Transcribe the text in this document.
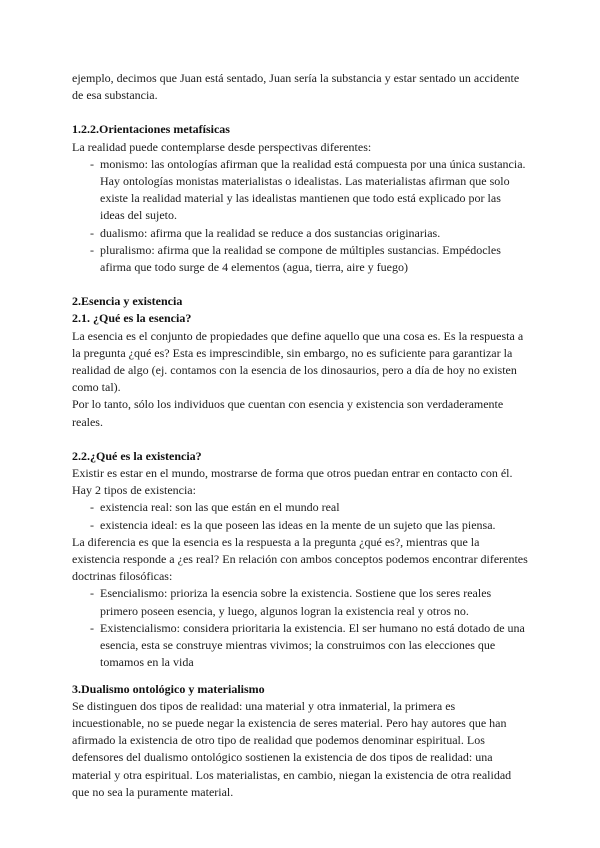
ejemplo, decimos que Juan está sentado, Juan sería la substancia y estar sentado un accidente de esa substancia.

1.2.2.Orientaciones metafísicas

La realidad puede contemplarse desde perspectivas diferentes:

- monismo: las ontologías afirman que la realidad está compuesta por una única sustancia. Hay ontologías monistas materialistas o idealistas. Las materialistas afirman que solo existe la realidad material y las idealistas mantienen que todo está explicado por las ideas del sujeto.
- dualismo: afirma que la realidad se reduce a dos sustancias originarias.
- pluralismo: afirma que la realidad se compone de múltiples sustancias. Empédocles afirma que todo surge de 4 elementos (agua, tierra, aire y fuego)
2.Esencia y existencia
2.1. ¿Qué es la esencia?

La esencia es el conjunto de propiedades que define aquello que una cosa es. Es la respuesta a la pregunta ¿qué es? Esta es imprescindible, sin embargo, no es suficiente para garantizar la realidad de algo (ej. contamos con la esencia de los dinosaurios, pero a día de hoy no existen como tal).

Por lo tanto, sólo los individuos que cuentan con esencia y existencia son verdaderamente reales.

2.2.¿Qué es la existencia?

Existir es estar en el mundo, mostrarse de forma que otros puedan entrar en contacto con él. Hay 2 tipos de existencia:

- existencia real: son las que están en el mundo real
- existencia ideal: es la que poseen las ideas en la mente de un sujeto que las piensa.

La diferencia es que la esencia es la respuesta a la pregunta ¿qué es?, mientras que la existencia responde a ¿es real? En relación con ambos conceptos podemos encontrar diferentes doctrinas filosóficas:

- Esencialismo: prioriza la esencia sobre la existencia. Sostiene que los seres reales primero poseen esencia, y luego, algunos logran la existencia real y otros no.
- Existencialismo: considera prioritaria la existencia. El ser humano no está dotado de una esencia, esta se construye mientras vivimos; la construimos con las elecciones que tomamos en la vida
3.Dualismo ontológico y materialismo

Se distinguen dos tipos de realidad: una material y otra inmaterial, la primera es incuestionable, no se puede negar la existencia de seres material. Pero hay autores que han afirmado la existencia de otro tipo de realidad que podemos denominar espiritual. Los defensores del dualismo ontológico sostienen la existencia de dos tipos de realidad: una material y otra espiritual. Los materialistas, en cambio, niegan la existencia de otra realidad que no sea la puramente material.
